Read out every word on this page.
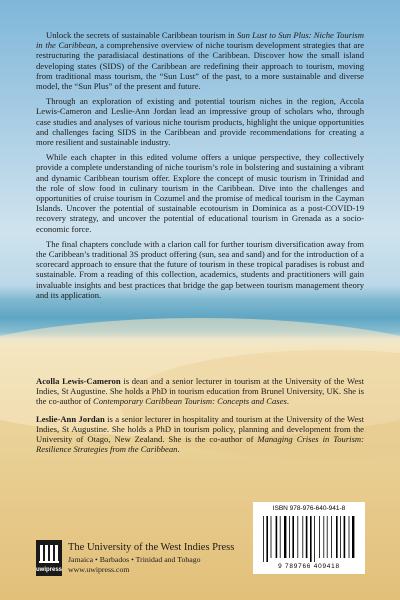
Unlock the secrets of sustainable Caribbean tourism in Sun Lust to Sun Plus: Niche Tourism in the Caribbean, a comprehensive overview of niche tourism development strategies that are restructuring the paradisiacal destinations of the Caribbean. Discover how the small island developing states (SIDS) of the Caribbean are redefining their approach to tourism, moving from traditional mass tourism, the “Sun Lust” of the past, to a more sustainable and diverse model, the “Sun Plus” of the present and future.

Through an exploration of existing and potential tourism niches in the region, Accola Lewis-Cameron and Leslie-Ann Jordan lead an impressive group of scholars who, through case studies and analyses of various niche tourism products, highlight the unique opportunities and challenges facing SIDS in the Caribbean and provide recommendations for creating a more resilient and sustainable industry.

While each chapter in this edited volume offers a unique perspective, they collectively provide a complete understanding of niche tourism’s role in bolstering and sustaining a vibrant and dynamic Caribbean tourism offer. Explore the concept of music tourism in Trinidad and the role of slow food in culinary tourism in the Caribbean. Dive into the challenges and opportunities of cruise tourism in Cozumel and the promise of medical tourism in the Cayman Islands. Uncover the potential of sustainable ecotourism in Dominica as a post-COVID-19 recovery strategy, and uncover the potential of educational tourism in Grenada as a socio-economic force.

The final chapters conclude with a clarion call for further tourism diversification away from the Caribbean’s traditional 3S product offering (sun, sea and sand) and for the introduction of a scorecard approach to ensure that the future of tourism in these tropical paradises is robust and sustainable. From a reading of this collection, academics, students and practitioners will gain invaluable insights and best practices that bridge the gap between tourism management theory and its application.

Acolla Lewis-Cameron is dean and a senior lecturer in tourism at the University of the West Indies, St Augustine. She holds a PhD in tourism education from Brunel University, UK. She is the co-author of Contemporary Caribbean Tourism: Concepts and Cases.

Leslie-Ann Jordan is a senior lecturer in hospitality and tourism at the University of the West Indies, St Augustine. She holds a PhD in tourism policy, planning and development from the University of Otago, New Zealand. She is the co-author of Managing Crises in Tourism: Resilience Strategies from the Caribbean.

ISBN 978-976-640-941-8
9 789766 409418
uwipress
The University of the West Indies Press
Jamaica • Barbados • Trinidad and Tobago
www.uwipress.com
